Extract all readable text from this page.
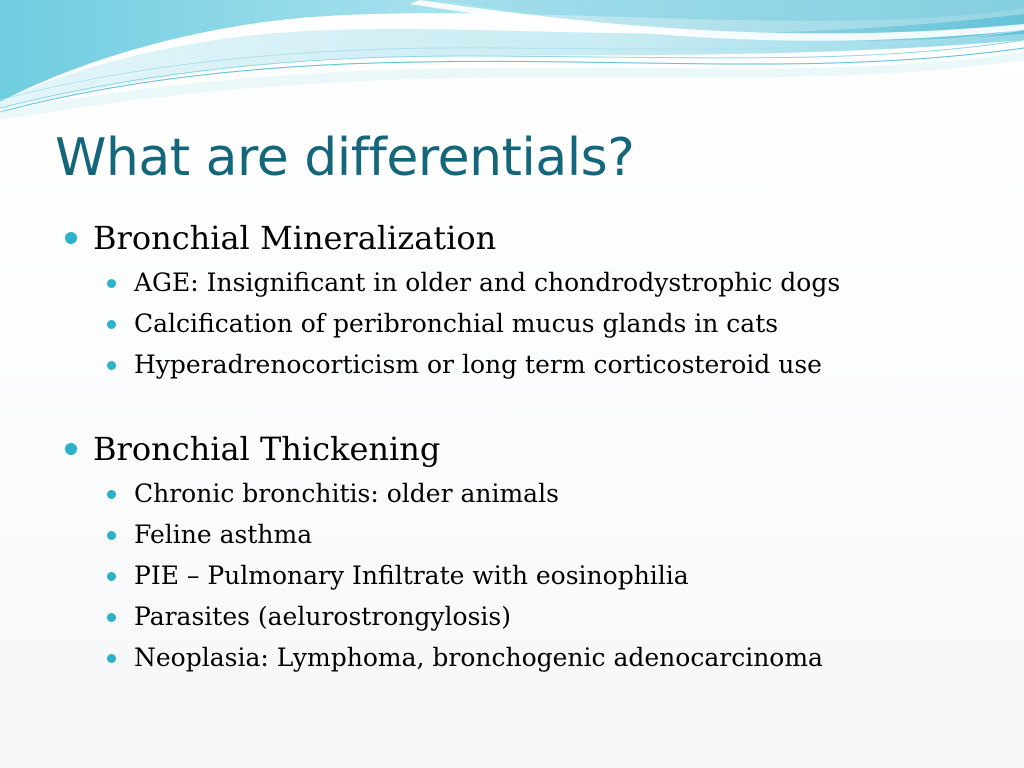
What are differentials?
Bronchial Mineralization
AGE: Insignificant in older and chondrodystrophic dogs
Calcification of peribronchial mucus glands in cats
Hyperadrenocorticism or long term corticosteroid use
Bronchial Thickening
Chronic bronchitis: older animals
Feline asthma
PIE – Pulmonary Infiltrate with eosinophilia
Parasites (aelurostrongylosis)
Neoplasia: Lymphoma, bronchogenic adenocarcinoma
